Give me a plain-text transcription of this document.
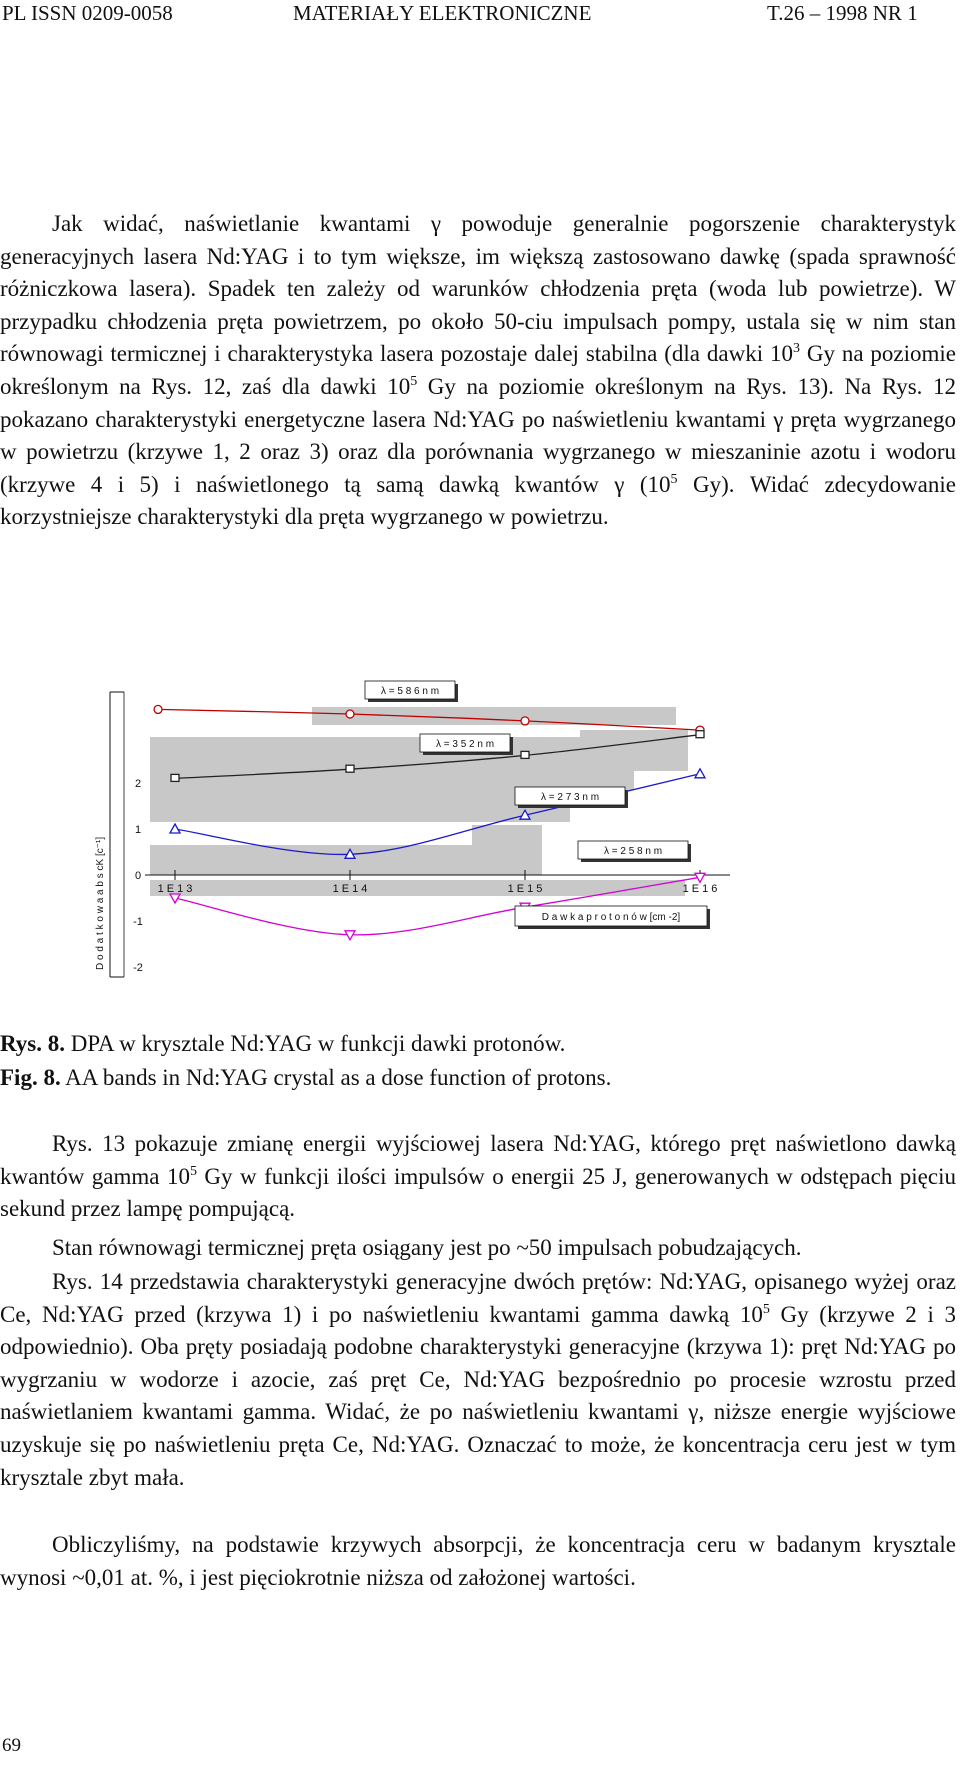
PL ISSN 0209-0058	MATERIAŁY ELEKTRONICZNE	T.26 – 1998 NR 1

Jak widać, naświetlanie kwantami γ powoduje generalnie pogorszenie charakterystyk generacyjnych lasera Nd:YAG i to tym większe, im większą zastosowano dawkę (spada sprawność różniczkowa lasera). Spadek ten zależy od warunków chłodzenia pręta (woda lub powietrze). W przypadku chłodzenia pręta powietrzem, po około 50-ciu impulsach pompy, ustala się w nim stan równowagi termicznej i charakterystyka lasera pozostaje dalej stabilna (dla dawki $10^3$ Gy na poziomie określonym na Rys. 12, zaś dla dawki $10^5$ Gy na poziomie określonym na Rys. 13). Na Rys. 12 pokazano charakterystyki energetyczne lasera Nd:YAG po naświetleniu kwantami γ pręta wygrzanego w powietrzu (krzywe 1, 2 oraz 3) oraz dla porównania wygrzanego w mieszaninie azotu i wodoru (krzywe 4 i 5) i naświetlonego tą samą dawką kwantów γ ($10^5$ Gy). Widać zdecydowanie korzystniejsze charakterystyki dla pręta wygrzanego w powietrzu.

1 E 1 3	1 E 1 4	1 E 1 5	1 E 1 6
2
1
0
-1
-2
D o d a t k o w a a b s cK [c⁻¹]
λ = 5 8 6 n m
λ = 3 5 2 n m
λ = 2 7 3 n m
λ = 2 5 8 n m
D a w k a p r o t o n ó w [cm -2]
Rys. 8. DPA w krysztale Nd:YAG w funkcji dawki protonów.
Fig. 8. AA bands in Nd:YAG crystal as a dose function of protons.

Rys. 13 pokazuje zmianę energii wyjściowej lasera Nd:YAG, którego pręt naświetlono dawką kwantów gamma $10^5$ Gy w funkcji ilości impulsów o energii 25 J, generowanych w odstępach pięciu sekund przez lampę pompującą.

Stan równowagi termicznej pręta osiągany jest po ~50 impulsach pobudzających.

Rys. 14 przedstawia charakterystyki generacyjne dwóch prętów: Nd:YAG, opisanego wyżej oraz Ce, Nd:YAG przed (krzywa 1) i po naświetleniu kwantami gamma dawką $10^5$ Gy (krzywe 2 i 3 odpowiednio). Oba pręty posiadają podobne charakterystyki generacyjne (krzywa 1): pręt Nd:YAG po wygrzaniu w wodorze i azocie, zaś pręt Ce, Nd:YAG bezpośrednio po procesie wzrostu przed naświetlaniem kwantami gamma. Widać, że po naświetleniu kwantami γ, niższe energie wyjściowe uzyskuje się po naświetleniu pręta Ce, Nd:YAG. Oznaczać to może, że koncentracja ceru jest w tym krysztale zbyt mała.

Obliczyliśmy, na podstawie krzywych absorpcji, że koncentracja ceru w badanym krysztale wynosi ~0,01 at. %, i jest pięciokrotnie niższa od założonej wartości.

69
